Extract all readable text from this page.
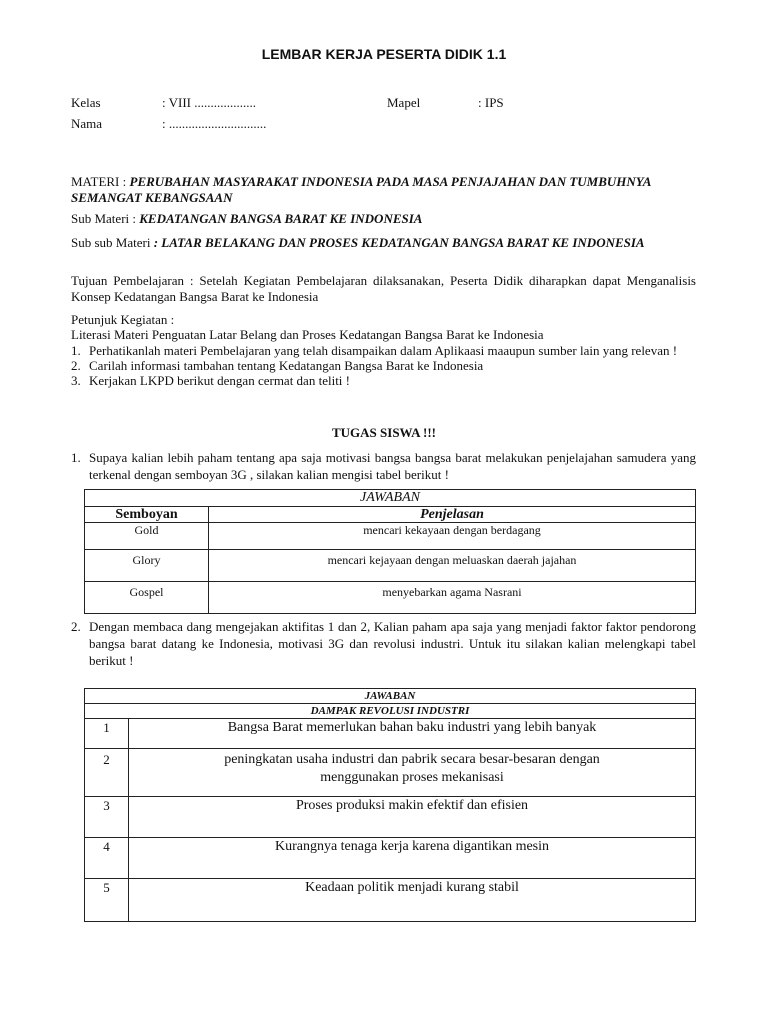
LEMBAR KERJA PESERTA DIDIK 1.1
Kelas	: VIII ...................	Mapel	: IPS
Nama	: ..............................
MATERI : PERUBAHAN MASYARAKAT INDONESIA PADA MASA PENJAJAHAN DAN TUMBUHNYA SEMANGAT KEBANGSAAN
Sub Materi : KEDATANGAN BANGSA BARAT KE INDONESIA
Sub sub Materi : LATAR BELAKANG DAN PROSES KEDATANGAN BANGSA BARAT KE INDONESIA
Tujuan Pembelajaran : Setelah Kegiatan Pembelajaran dilaksanakan, Peserta Didik diharapkan dapat Menganalisis Konsep Kedatangan Bangsa Barat ke Indonesia
Petunjuk Kegiatan :
Literasi Materi Penguatan Latar Belang dan Proses Kedatangan Bangsa Barat ke Indonesia
1. Perhatikanlah materi Pembelajaran yang telah disampaikan dalam Aplikaasi maaupun sumber lain yang relevan !
2. Carilah informasi tambahan tentang Kedatangan Bangsa Barat ke Indonesia
3. Kerjakan LKPD berikut dengan cermat dan teliti !
TUGAS SISWA !!!
1. Supaya kalian lebih paham tentang apa saja motivasi bangsa bangsa barat melakukan penjelajahan samudera yang terkenal dengan semboyan 3G , silakan kalian mengisi tabel berikut !
JAWABAN	
Semboyan	Penjelasan
Gold	mencari kekayaan dengan berdagang
Glory	mencari kejayaan dengan meluaskan daerah jajahan
Gospel	menyebarkan agama Nasrani
2. Dengan membaca dang mengejakan aktifitas 1 dan 2, Kalian paham apa saja yang menjadi faktor faktor pendorong bangsa barat datang ke Indonesia, motivasi 3G dan revolusi industri. Untuk itu silakan kalian melengkapi tabel berikut !
JAWABAN	
DAMPAK REVOLUSI INDUSTRI	
1	Bangsa Barat memerlukan bahan baku industri yang lebih banyak
2	peningkatan usaha industri dan pabrik secara besar-besaran dengan menggunakan proses mekanisasi
3	Proses produksi makin efektif dan efisien
4	Kurangnya tenaga kerja karena digantikan mesin
5	Keadaan politik menjadi kurang stabil
